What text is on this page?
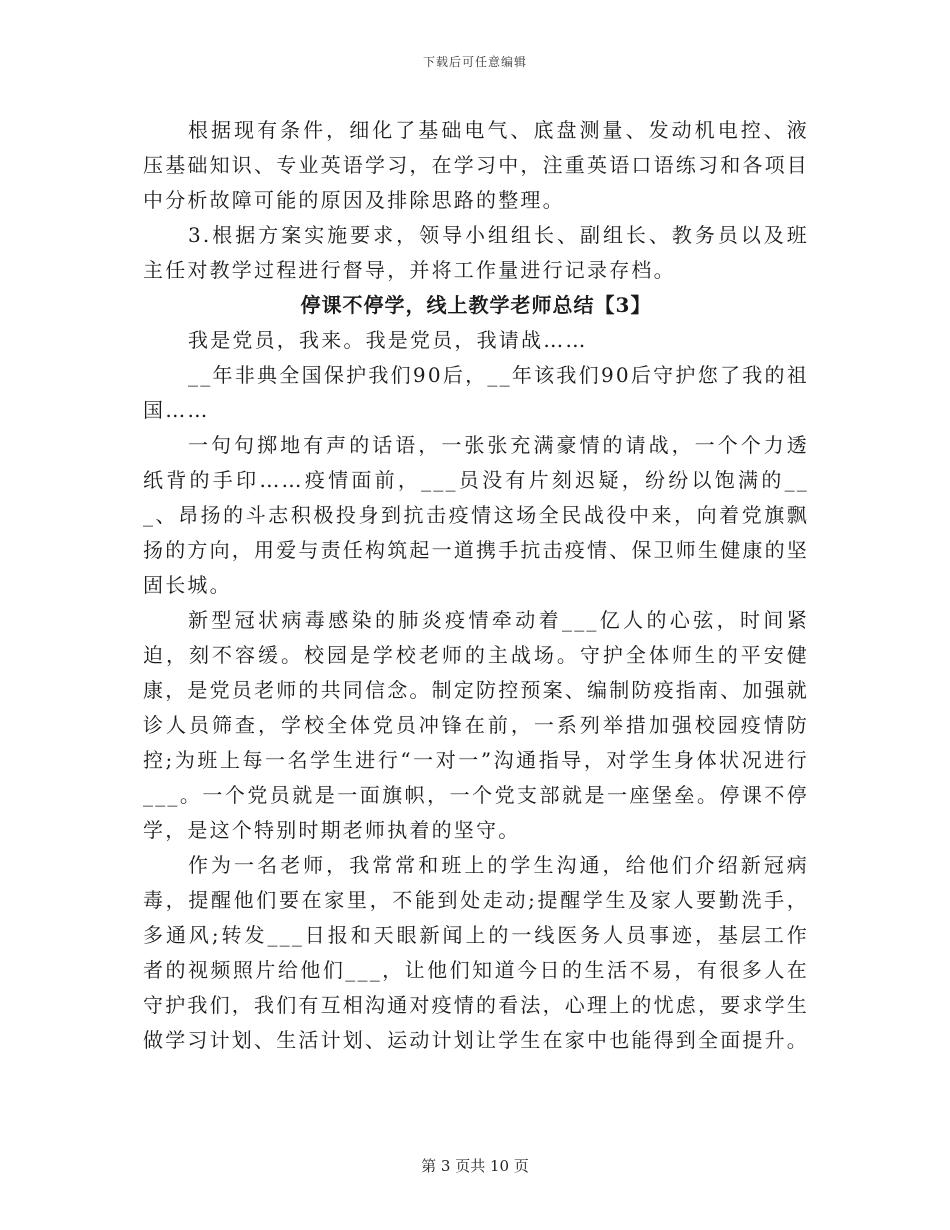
下载后可任意编辑

根据现有条件，细化了基础电气、底盘测量、发动机电控、液压基础知识、专业英语学习，在学习中，注重英语口语练习和各项目中分析故障可能的原因及排除思路的整理。

3.根据方案实施要求，领导小组组长、副组长、教务员以及班主任对教学过程进行督导，并将工作量进行记录存档。

停课不停学，线上教学老师总结【3】

我是党员，我来。我是党员，我请战……

__年非典全国保护我们90后，__年该我们90后守护您了我的祖国……

一句句掷地有声的话语，一张张充满豪情的请战，一个个力透纸背的手印……疫情面前，___员没有片刻迟疑，纷纷以饱满的___、昂扬的斗志积极投身到抗击疫情这场全民战役中来，向着党旗飘扬的方向，用爱与责任构筑起一道携手抗击疫情、保卫师生健康的坚固长城。

新型冠状病毒感染的肺炎疫情牵动着___亿人的心弦，时间紧迫，刻不容缓。校园是学校老师的主战场。守护全体师生的平安健康，是党员老师的共同信念。制定防控预案、编制防疫指南、加强就诊人员筛查，学校全体党员冲锋在前，一系列举措加强校园疫情防控;为班上每一名学生进行“一对一”沟通指导，对学生身体状况进行___。一个党员就是一面旗帜，一个党支部就是一座堡垒。停课不停学，是这个特别时期老师执着的坚守。

作为一名老师，我常常和班上的学生沟通，给他们介绍新冠病毒，提醒他们要在家里，不能到处走动;提醒学生及家人要勤洗手，多通风;转发___日报和天眼新闻上的一线医务人员事迹，基层工作者的视频照片给他们___，让他们知道今日的生活不易，有很多人在守护我们，我们有互相沟通对疫情的看法，心理上的忧虑，要求学生做学习计划、生活计划、运动计划让学生在家中也能得到全面提升。

第 3 页共 10 页
